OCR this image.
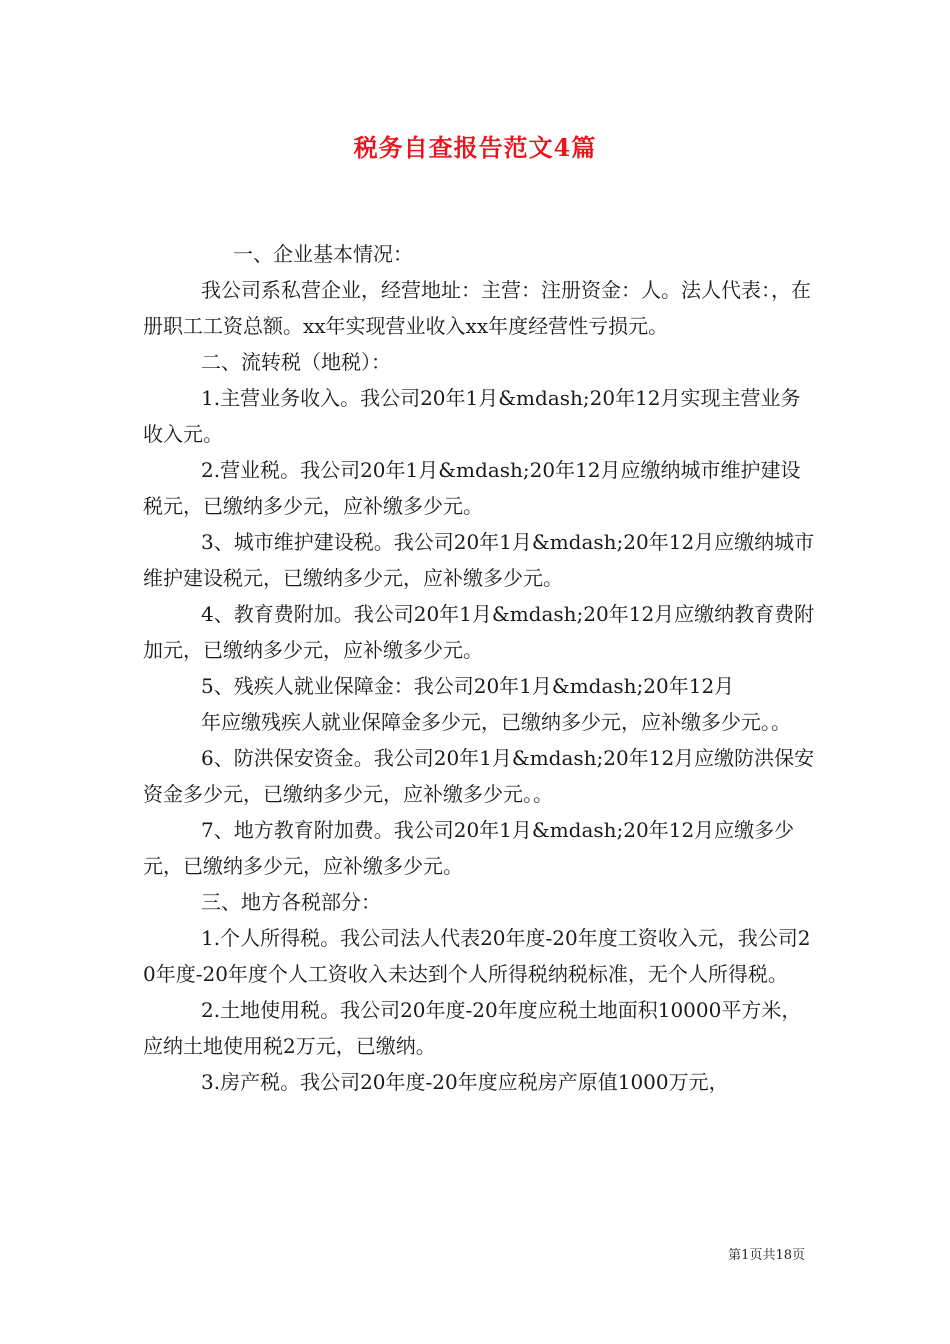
税务自查报告范文4篇

一、企业基本情况：

我公司系私营企业，经营地址：主营：注册资金：人。法人代表：，在册职工工资总额。xx年实现营业收入xx年度经营性亏损元。

二、流转税（地税）：

1.主营业务收入。我公司20年1月&mdash;20年12月实现主营业务收入元。

2.营业税。我公司20年1月&mdash;20年12月应缴纳城市维护建设税元，已缴纳多少元，应补缴多少元。

3、城市维护建设税。我公司20年1月&mdash;20年12月应缴纳城市维护建设税元，已缴纳多少元，应补缴多少元。

4、教育费附加。我公司20年1月&mdash;20年12月应缴纳教育费附加元，已缴纳多少元，应补缴多少元。

5、残疾人就业保障金：我公司20年1月&mdash;20年12月

年应缴残疾人就业保障金多少元，已缴纳多少元，应补缴多少元。。

6、防洪保安资金。我公司20年1月&mdash;20年12月应缴防洪保安资金多少元，已缴纳多少元，应补缴多少元。。

7、地方教育附加费。我公司20年1月&mdash;20年12月应缴多少元，已缴纳多少元，应补缴多少元。

三、地方各税部分：

1.个人所得税。我公司法人代表20年度-20年度工资收入元，我公司20年度-20年度个人工资收入未达到个人所得税纳税标准，无个人所得税。

2.土地使用税。我公司20年度-20年度应税土地面积10000平方米，应纳土地使用税2万元，已缴纳。

3.房产税。我公司20年度-20年度应税房产原值1000万元，

第1页共18页
